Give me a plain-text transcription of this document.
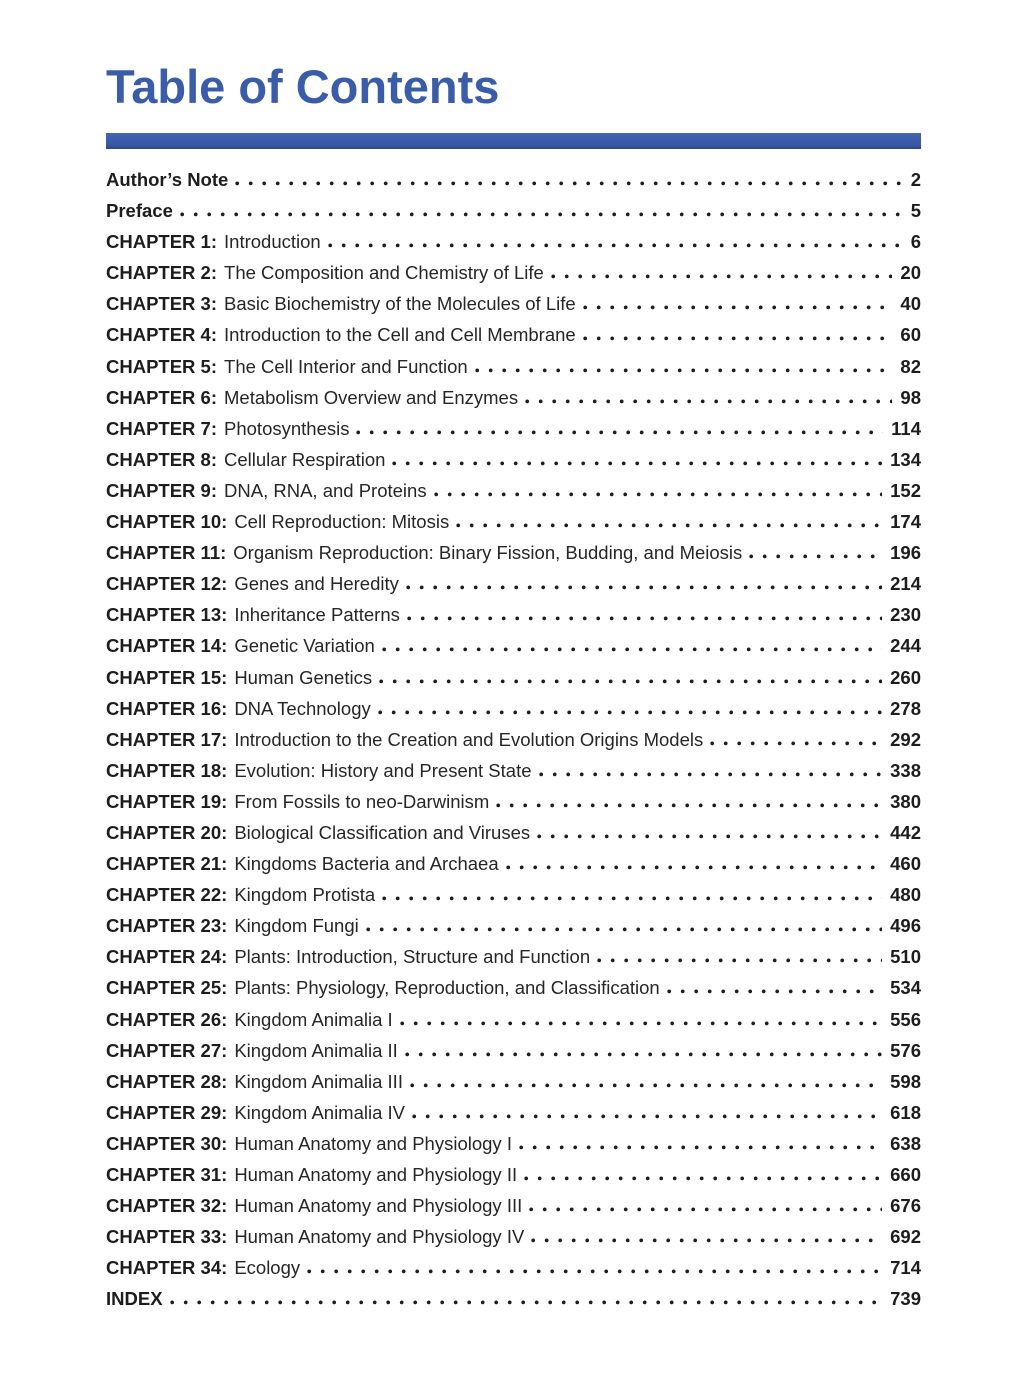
Table of Contents
Author’s Note	2
Preface	5
CHAPTER 1: Introduction	6
CHAPTER 2: The Composition and Chemistry of Life	20
CHAPTER 3: Basic Biochemistry of the Molecules of Life	40
CHAPTER 4: Introduction to the Cell and Cell Membrane	60
CHAPTER 5: The Cell Interior and Function	82
CHAPTER 6: Metabolism Overview and Enzymes	98
CHAPTER 7: Photosynthesis	114
CHAPTER 8: Cellular Respiration	134
CHAPTER 9: DNA, RNA, and Proteins	152
CHAPTER 10: Cell Reproduction: Mitosis	174
CHAPTER 11: Organism Reproduction: Binary Fission, Budding, and Meiosis	196
CHAPTER 12: Genes and Heredity	214
CHAPTER 13: Inheritance Patterns	230
CHAPTER 14: Genetic Variation	244
CHAPTER 15: Human Genetics	260
CHAPTER 16: DNA Technology	278
CHAPTER 17: Introduction to the Creation and Evolution Origins Models	292
CHAPTER 18: Evolution: History and Present State	338
CHAPTER 19: From Fossils to neo-Darwinism	380
CHAPTER 20: Biological Classification and Viruses	442
CHAPTER 21: Kingdoms Bacteria and Archaea	460
CHAPTER 22: Kingdom Protista	480
CHAPTER 23: Kingdom Fungi	496
CHAPTER 24: Plants: Introduction, Structure and Function	510
CHAPTER 25: Plants: Physiology, Reproduction, and Classification	534
CHAPTER 26: Kingdom Animalia I	556
CHAPTER 27: Kingdom Animalia II	576
CHAPTER 28: Kingdom Animalia III	598
CHAPTER 29: Kingdom Animalia IV	618
CHAPTER 30: Human Anatomy and Physiology I	638
CHAPTER 31: Human Anatomy and Physiology II	660
CHAPTER 32: Human Anatomy and Physiology III	676
CHAPTER 33: Human Anatomy and Physiology IV	692
CHAPTER 34: Ecology	714
INDEX	739
